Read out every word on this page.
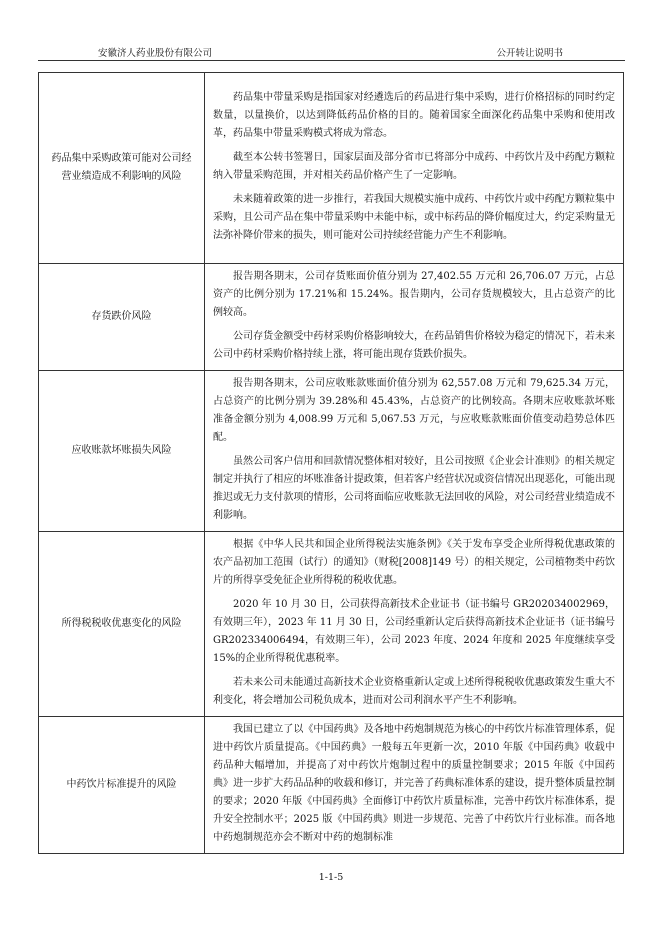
安徽济人药业股份有限公司	公开转让说明书
药品集中采购政策可能对公司经营业绩造成不利影响的风险	药品集中带量采购是指国家对经遴选后的药品进行集中采购，进行价格招标的同时约定数量，以量换价，以达到降低药品价格的目的。随着国家全面深化药品集中采购和使用改革，药品集中带量采购模式将成为常态。

截至本公转书签署日，国家层面及部分省市已将部分中成药、中药饮片及中药配方颗粒纳入带量采购范围，并对相关药品价格产生了一定影响。

未来随着政策的进一步推行，若我国大规模实施中成药、中药饮片或中药配方颗粒集中采购，且公司产品在集中带量采购中未能中标，或中标药品的降价幅度过大，约定采购量无法弥补降价带来的损失，则可能对公司持续经营能力产生不利影响。

存货跌价风险	报告期各期末，公司存货账面价值分别为 27,402.55 万元和 26,706.07 万元，占总资产的比例分别为 17.21%和 15.24%。报告期内，公司存货规模较大，且占总资产的比例较高。

公司存货金额受中药材采购价格影响较大，在药品销售价格较为稳定的情况下，若未来公司中药材采购价格持续上涨，将可能出现存货跌价损失。

应收账款坏账损失风险	报告期各期末，公司应收账款账面价值分别为 62,557.08 万元和 79,625.34 万元，占总资产的比例分别为 39.28%和 45.43%，占总资产的比例较高。各期末应收账款坏账准备金额分别为 4,008.99 万元和 5,067.53 万元，与应收账款账面价值变动趋势总体匹配。

虽然公司客户信用和回款情况整体相对较好，且公司按照《企业会计准则》的相关规定制定并执行了相应的坏账准备计提政策，但若客户经营状况或资信情况出现恶化，可能出现推迟或无力支付款项的情形，公司将面临应收账款无法回收的风险，对公司经营业绩造成不利影响。

所得税税收优惠变化的风险	根据《中华人民共和国企业所得税法实施条例》《关于发布享受企业所得税优惠政策的农产品初加工范围（试行）的通知》（财税[2008]149 号）的相关规定，公司植物类中药饮片的所得享受免征企业所得税的税收优惠。

2020 年 10 月 30 日，公司获得高新技术企业证书（证书编号 GR202034002969，有效期三年），2023 年 11 月 30 日，公司经重新认定后获得高新技术企业证书（证书编号 GR202334006494，有效期三年），公司 2023 年度、2024 年度和 2025 年度继续享受 15%的企业所得税优惠税率。

若未来公司未能通过高新技术企业资格重新认定或上述所得税税收优惠政策发生重大不利变化，将会增加公司税负成本，进而对公司利润水平产生不利影响。

中药饮片标准提升的风险	我国已建立了以《中国药典》及各地中药炮制规范为核心的中药饮片标准管理体系，促进中药饮片质量提高。《中国药典》一般每五年更新一次，2010 年版《中国药典》收载中药品种大幅增加，并提高了对中药饮片炮制过程中的质量控制要求；2015 年版《中国药典》进一步扩大药品品种的收载和修订，并完善了药典标准体系的建设，提升整体质量控制的要求；2020 年版《中国药典》全面修订中药饮片质量标准，完善中药饮片标准体系，提升安全控制水平；2025 版《中国药典》则进一步规范、完善了中药饮片行业标准。而各地中药炮制规范亦会不断对中药的炮制标准

1-1-5
